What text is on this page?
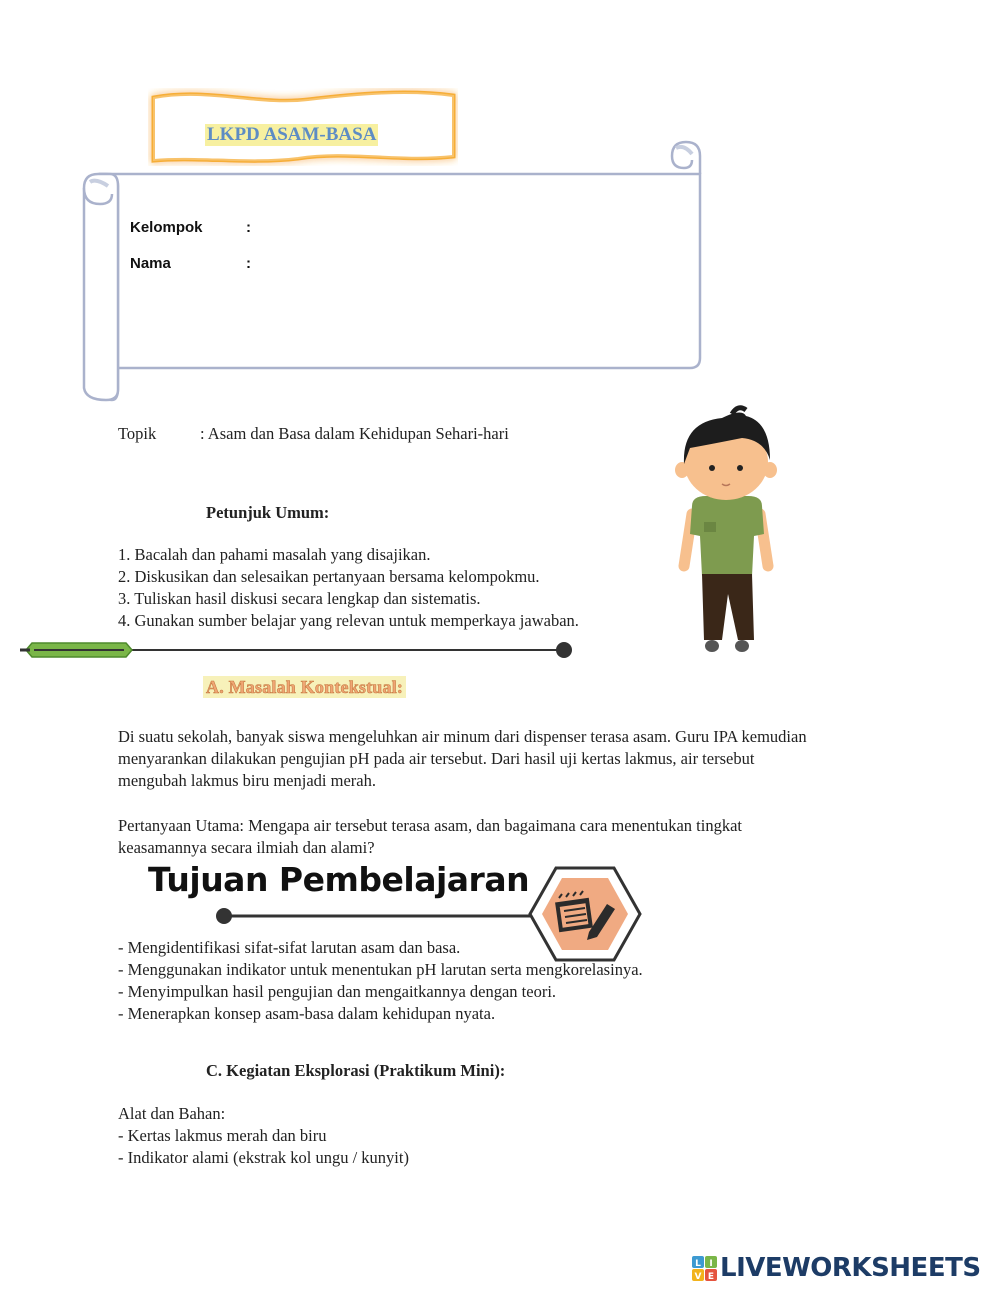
LKPD ASAM-BASA
Kelompok	:
Nama	:
Topik	: Asam dan Basa dalam Kehidupan Sehari-hari
Petunjuk Umum:
1. Bacalah dan pahami masalah yang disajikan.
2. Diskusikan dan selesaikan pertanyaan bersama kelompokmu.
3. Tuliskan hasil diskusi secara lengkap dan sistematis.
4. Gunakan sumber belajar yang relevan untuk memperkaya jawaban.
A. Masalah Kontekstual:
Di suatu sekolah, banyak siswa mengeluhkan air minum dari dispenser terasa asam. Guru IPA kemudian
menyarankan dilakukan pengujian pH pada air tersebut. Dari hasil uji kertas lakmus, air tersebut
mengubah lakmus biru menjadi merah.
Pertanyaan Utama: Mengapa air tersebut terasa asam, dan bagaimana cara menentukan tingkat
keasamannya secara ilmiah dan alami?
Tujuan Pembelajaran
- Mengidentifikasi sifat-sifat larutan asam dan basa.
- Menggunakan indikator untuk menentukan pH larutan serta mengkorelasinya.
- Menyimpulkan hasil pengujian dan mengaitkannya dengan teori.
- Menerapkan konsep asam-basa dalam kehidupan nyata.
C. Kegiatan Eksplorasi (Praktikum Mini):
Alat dan Bahan:
- Kertas lakmus merah dan biru
- Indikator alami (ekstrak kol ungu / kunyit)
L I
V E LIVEWORKSHEETS
